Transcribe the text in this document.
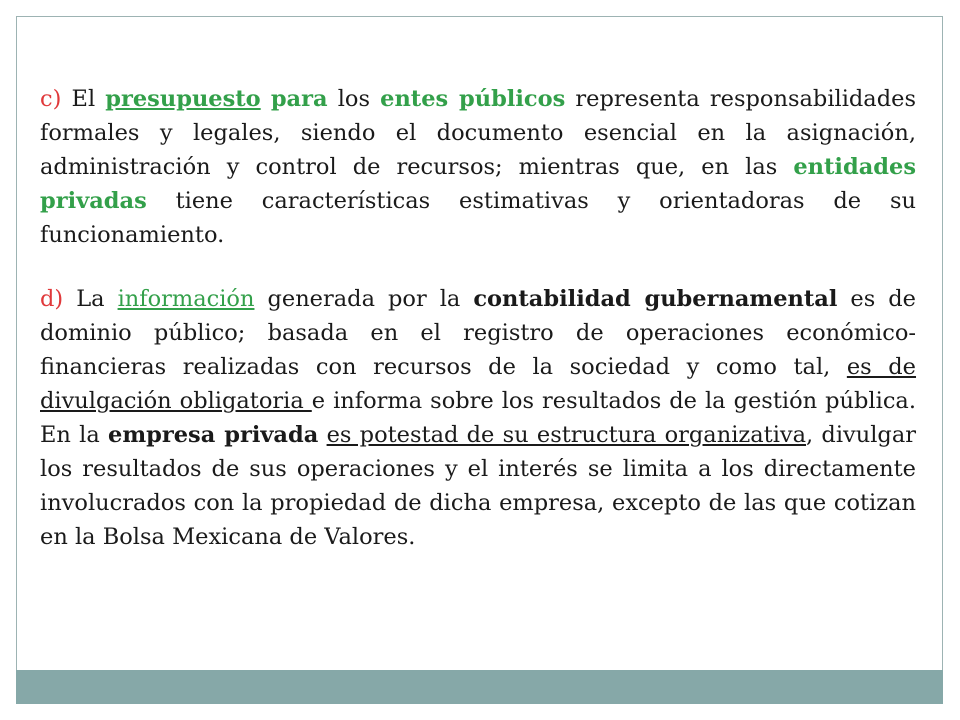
c) El presupuesto para los entes públicos representa responsabilidades formales y legales, siendo el documento esencial en la asignación, administración y control de recursos; mientras que, en las entidades privadas tiene características estimativas y orientadoras de su funcionamiento.

d) La información generada por la contabilidad gubernamental es de dominio público; basada en el registro de operaciones económico-financieras realizadas con recursos de la sociedad y como tal, es de divulgación obligatoria e informa sobre los resultados de la gestión pública. En la empresa privada es potestad de su estructura organizativa, divulgar los resultados de sus operaciones y el interés se limita a los directamente involucrados con la propiedad de dicha empresa, excepto de las que cotizan en la Bolsa Mexicana de Valores.
